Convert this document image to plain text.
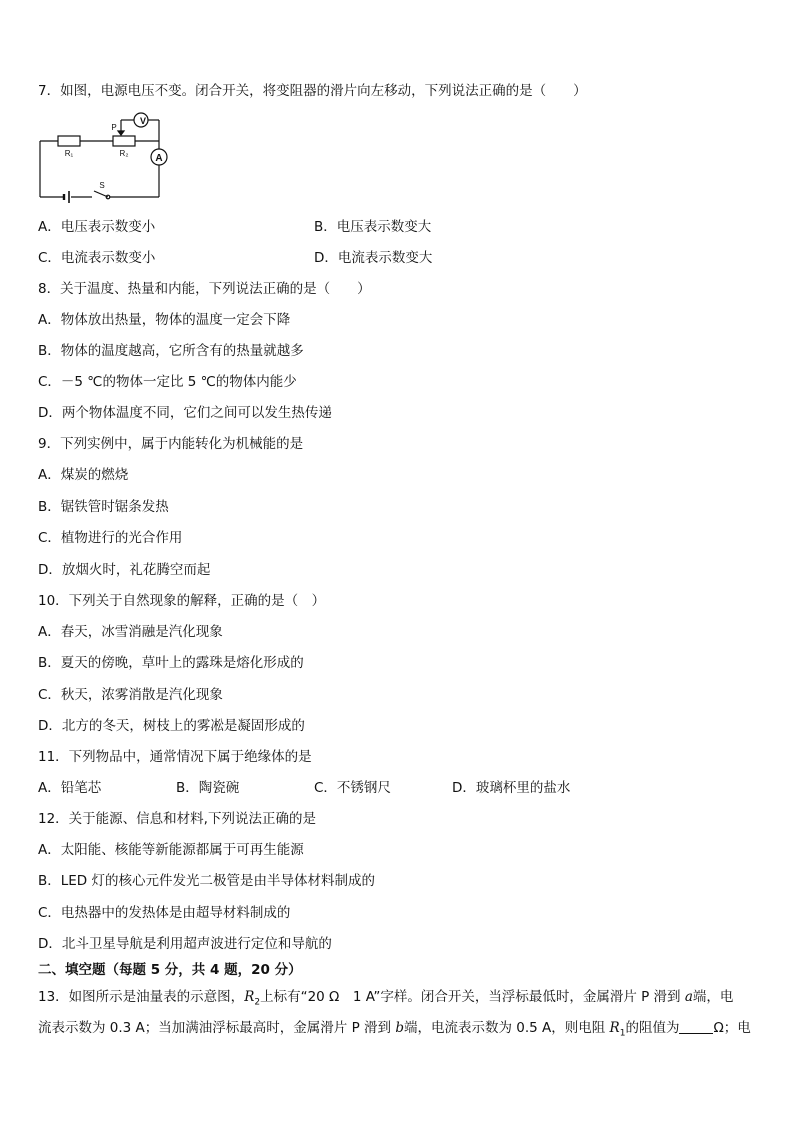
7．如图，电源电压不变。闭合开关，将变阻器的滑片向左移动，下列说法正确的是（　　）
V
A
R₁	R₂
P
S
A．电压表示数变小	B．电压表示数变大
C．电流表示数变小	D．电流表示数变大
8．关于温度、热量和内能，下列说法正确的是（　　）
A．物体放出热量，物体的温度一定会下降
B．物体的温度越高，它所含有的热量就越多
C．－5 ℃的物体一定比 5 ℃的物体内能少
D．两个物体温度不同，它们之间可以发生热传递
9．下列实例中，属于内能转化为机械能的是
A．煤炭的燃烧
B．锯铁管时锯条发热
C．植物进行的光合作用
D．放烟火时，礼花腾空而起
10．下列关于自然现象的解释，正确的是（　）
A．春天，冰雪消融是汽化现象
B．夏天的傍晚，草叶上的露珠是熔化形成的
C．秋天，浓雾消散是汽化现象
D．北方的冬天，树枝上的雾凇是凝固形成的
11．下列物品中，通常情况下属于绝缘体的是
A．铅笔芯	B．陶瓷碗	C．不锈钢尺	D．玻璃杯里的盐水
12．关于能源、信息和材料,下列说法正确的是
A．太阳能、核能等新能源都属于可再生能源
B．LED 灯的核心元件发光二极管是由半导体材料制成的
C．电热器中的发热体是由超导材料制成的
D．北斗卫星导航是利用超声波进行定位和导航的
二、填空题（每题 5 分，共 4 题，20 分）
13．如图所示是油量表的示意图，$R_2$上标有“20 Ω　1 A”字样。闭合开关，当浮标最低时，金属滑片 P 滑到 a端，电
流表示数为 0.3 A；当加满油浮标最高时，金属滑片 P 滑到 b端，电流表示数为 0.5 A，则电阻 $R_1$的阻值为	Ω；电
